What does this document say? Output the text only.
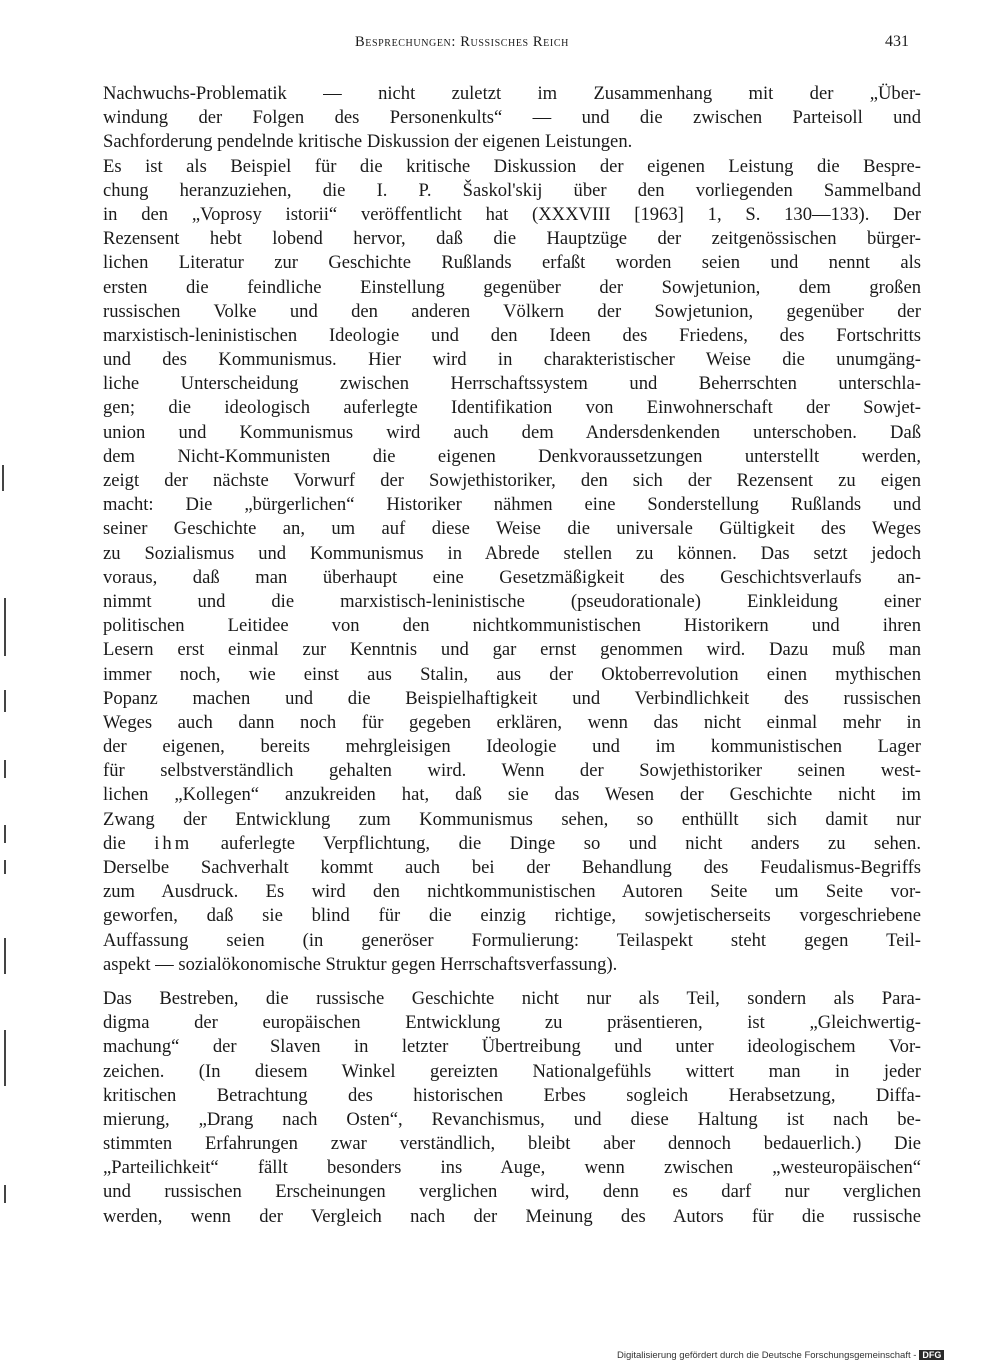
Besprechungen: Russisches Reich	431
Nachwuchs-Problematik — nicht zuletzt im Zusammenhang mit der „Über-
windung der Folgen des Personenkults“ — und die zwischen Parteisoll und
Sachforderung pendelnde kritische Diskussion der eigenen Leistungen.
Es ist als Beispiel für die kritische Diskussion der eigenen Leistung die Bespre-
chung heranzuziehen, die I. P. Šaskol'skij über den vorliegenden Sammelband
in den „Voprosy istorii“ veröffentlicht hat (XXXVIII [1963] 1, S. 130—133). Der
Rezensent hebt lobend hervor, daß die Hauptzüge der zeitgenössischen bürger-
lichen Literatur zur Geschichte Rußlands erfaßt worden seien und nennt als
ersten die feindliche Einstellung gegenüber der Sowjetunion, dem großen
russischen Volke und den anderen Völkern der Sowjetunion, gegenüber der
marxistisch-leninistischen Ideologie und den Ideen des Friedens, des Fortschritts
und des Kommunismus. Hier wird in charakteristischer Weise die unumgäng-
liche Unterscheidung zwischen Herrschaftssystem und Beherrschten unterschla-
gen; die ideologisch auferlegte Identifikation von Einwohnerschaft der Sowjet-
union und Kommunismus wird auch dem Andersdenkenden unterschoben. Daß
dem Nicht-Kommunisten die eigenen Denkvoraussetzungen unterstellt werden,
zeigt der nächste Vorwurf der Sowjethistoriker, den sich der Rezensent zu eigen
macht: Die „bürgerlichen“ Historiker nähmen eine Sonderstellung Rußlands und
seiner Geschichte an, um auf diese Weise die universale Gültigkeit des Weges
zu Sozialismus und Kommunismus in Abrede stellen zu können. Das setzt jedoch
voraus, daß man überhaupt eine Gesetzmäßigkeit des Geschichtsverlaufs an-
nimmt und die marxistisch-leninistische (pseudorationale) Einkleidung einer
politischen Leitidee von den nichtkommunistischen Historikern und ihren
Lesern erst einmal zur Kenntnis und gar ernst genommen wird. Dazu muß man
immer noch, wie einst aus Stalin, aus der Oktoberrevolution einen mythischen
Popanz machen und die Beispielhaftigkeit und Verbindlichkeit des russischen
Weges auch dann noch für gegeben erklären, wenn das nicht einmal mehr in
der eigenen, bereits mehrgleisigen Ideologie und im kommunistischen Lager
für selbstverständlich gehalten wird. Wenn der Sowjethistoriker seinen west-
lichen „Kollegen“ anzukreiden hat, daß sie das Wesen der Geschichte nicht im
Zwang der Entwicklung zum Kommunismus sehen, so enthüllt sich damit nur
die ihm auferlegte Verpflichtung, die Dinge so und nicht anders zu sehen.
Derselbe Sachverhalt kommt auch bei der Behandlung des Feudalismus-Begriffs
zum Ausdruck. Es wird den nichtkommunistischen Autoren Seite um Seite vor-
geworfen, daß sie blind für die einzig richtige, sowjetischerseits vorgeschriebene
Auffassung seien (in generöser Formulierung: Teilaspekt steht gegen Teil-
aspekt — sozialökonomische Struktur gegen Herrschaftsverfassung).
Das Bestreben, die russische Geschichte nicht nur als Teil, sondern als Para-
digma der europäischen Entwicklung zu präsentieren, ist „Gleichwertig-
machung“ der Slaven in letzter Übertreibung und unter ideologischem Vor-
zeichen. (In diesem Winkel gereizten Nationalgefühls wittert man in jeder
kritischen Betrachtung des historischen Erbes sogleich Herabsetzung, Diffa-
mierung, „Drang nach Osten“, Revanchismus, und diese Haltung ist nach be-
stimmten Erfahrungen zwar verständlich, bleibt aber dennoch bedauerlich.) Die
„Parteilichkeit“ fällt besonders ins Auge, wenn zwischen „westeuropäischen“
und russischen Erscheinungen verglichen wird, denn es darf nur verglichen
werden, wenn der Vergleich nach der Meinung des Autors für die russische
Digitalisierung gefördert durch die Deutsche Forschungsgemeinschaft - DFG
